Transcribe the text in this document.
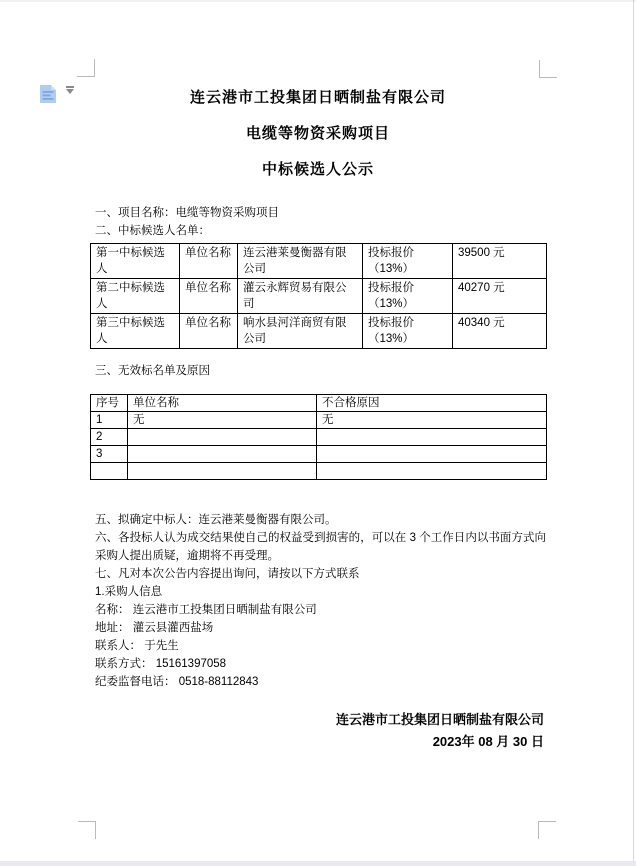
连云港市工投集团日晒制盐有限公司
电缆等物资采购项目
中标候选人公示
一、项目名称：电缆等物资采购项目
二、中标候选人名单：
第一中标候选人	单位名称	连云港莱曼衡器有限公司	投标报价（13%）	39500 元
第二中标候选人	单位名称	灌云永辉贸易有限公司	投标报价（13%）	40270 元
第三中标候选人	单位名称	响水县河洋商贸有限公司	投标报价（13%）	40340 元
三、无效标名单及原因
序号	单位名称	不合格原因
1	无	无
2		
3		

五、拟确定中标人：连云港莱曼衡器有限公司。
六、各投标人认为成交结果使自己的权益受到损害的，可以在 3 个工作日内以书面方式向采购人提出质疑，逾期将不再受理。
七、凡对本次公告内容提出询问，请按以下方式联系
1.采购人信息
名称： 连云港市工投集团日晒制盐有限公司
地址： 灌云县灌西盐场
联系人： 于先生
联系方式： 15161397058
纪委监督电话： 0518-88112843
连云港市工投集团日晒制盐有限公司
2023年 08 月 30 日
